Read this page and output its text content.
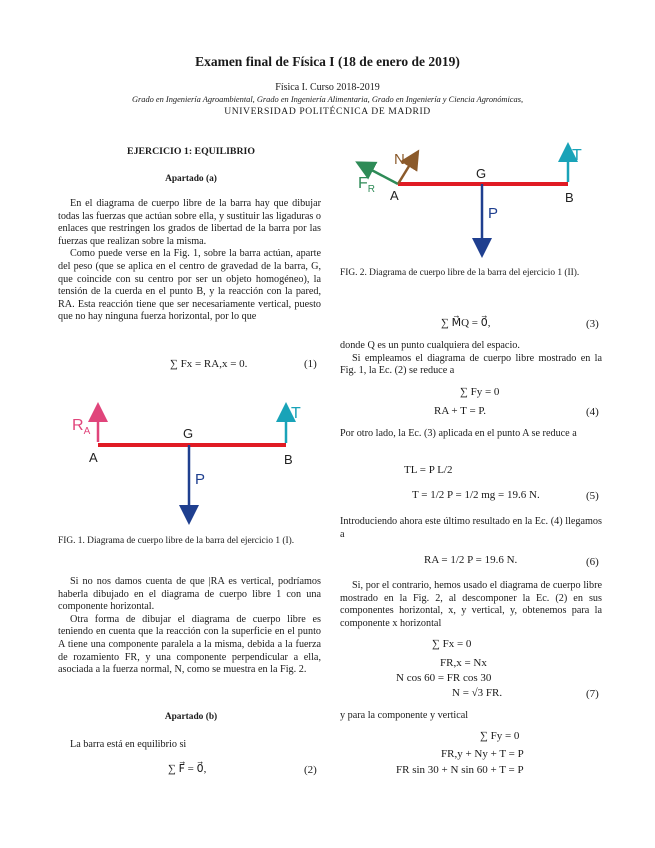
Examen final de Física I (18 de enero de 2019)
Física I. Curso 2018-2019
Grado en Ingeniería Agroambiental, Grado en Ingeniería Alimentaria, Grado en Ingeniería y Ciencia Agronómicas,
UNIVERSIDAD POLITÉCNICA DE MADRID
EJERCICIO 1: EQUILIBRIO
Apartado (a)

En el diagrama de cuerpo libre de la barra hay que dibujar todas las fuerzas que actúan sobre ella, y sustituir las ligaduras o enlaces que restringen los grados de libertad de la barra por las fuerzas que realizan sobre la misma.

Como puede verse en la Fig. 1, sobre la barra actúan, aparte del peso (que se aplica en el centro de gravedad de la barra, G, que coincide con su centro por ser un objeto homogéneo), la tensión de la cuerda en el punto B, y la reacción con la pared, RA. Esta reacción tiene que ser necesariamente vertical, puesto que no hay ninguna fuerza horizontal, por lo que

∑ Fx = RA,x = 0.	(1)
$R_A$
T
G
A	B
P
FIG. 1. Diagrama de cuerpo libre de la barra del ejercicio 1 (I).

Si no nos damos cuenta de que |RA es vertical, podríamos haberla dibujado en el diagrama de cuerpo libre 1 con una componente horizontal.

Otra forma de dibujar el diagrama de cuerpo libre es teniendo en cuenta que la reacción con la superficie en el punto A tiene una componente paralela a la misma, debida a la fuerza de rozamiento FR, y una componente perpendicular a ella, asociada a la fuerza normal, N, como se muestra en la Fig. 2.

Apartado (b)

La barra está en equilibrio si

∑ F⃗ = 0⃗,	(2)
$F_R$
N	T
G
A	B
P
FIG. 2. Diagrama de cuerpo libre de la barra del ejercicio 1 (II).
∑ M⃗Q = 0⃗,	(3)

donde Q es un punto cualquiera del espacio.

Si empleamos el diagrama de cuerpo libre mostrado en la Fig. 1, la Ec. (2) se reduce a

∑ Fy = 0
RA + T = P.	(4)

Por otro lado, la Ec. (3) aplicada en el punto A se reduce a

TL = P L/2
T = 1/2 P = 1/2 mg = 19.6 N.	(5)

Introduciendo ahora este último resultado en la Ec. (4) llegamos a

RA = 1/2 P = 19.6 N.	(6)

Si, por el contrario, hemos usado el diagrama de cuerpo libre mostrado en la Fig. 2, al descomponer la Ec. (2) en sus componentes horizontal, x, y vertical, y, obtenemos para la componente x horizontal

∑ Fx = 0
FR,x = Nx
N cos 60 = FR cos 30
N = √3 FR.	(7)

y para la componente y vertical

∑ Fy = 0
FR,y + Ny + T = P
FR sin 30 + N sin 60 + T = P
